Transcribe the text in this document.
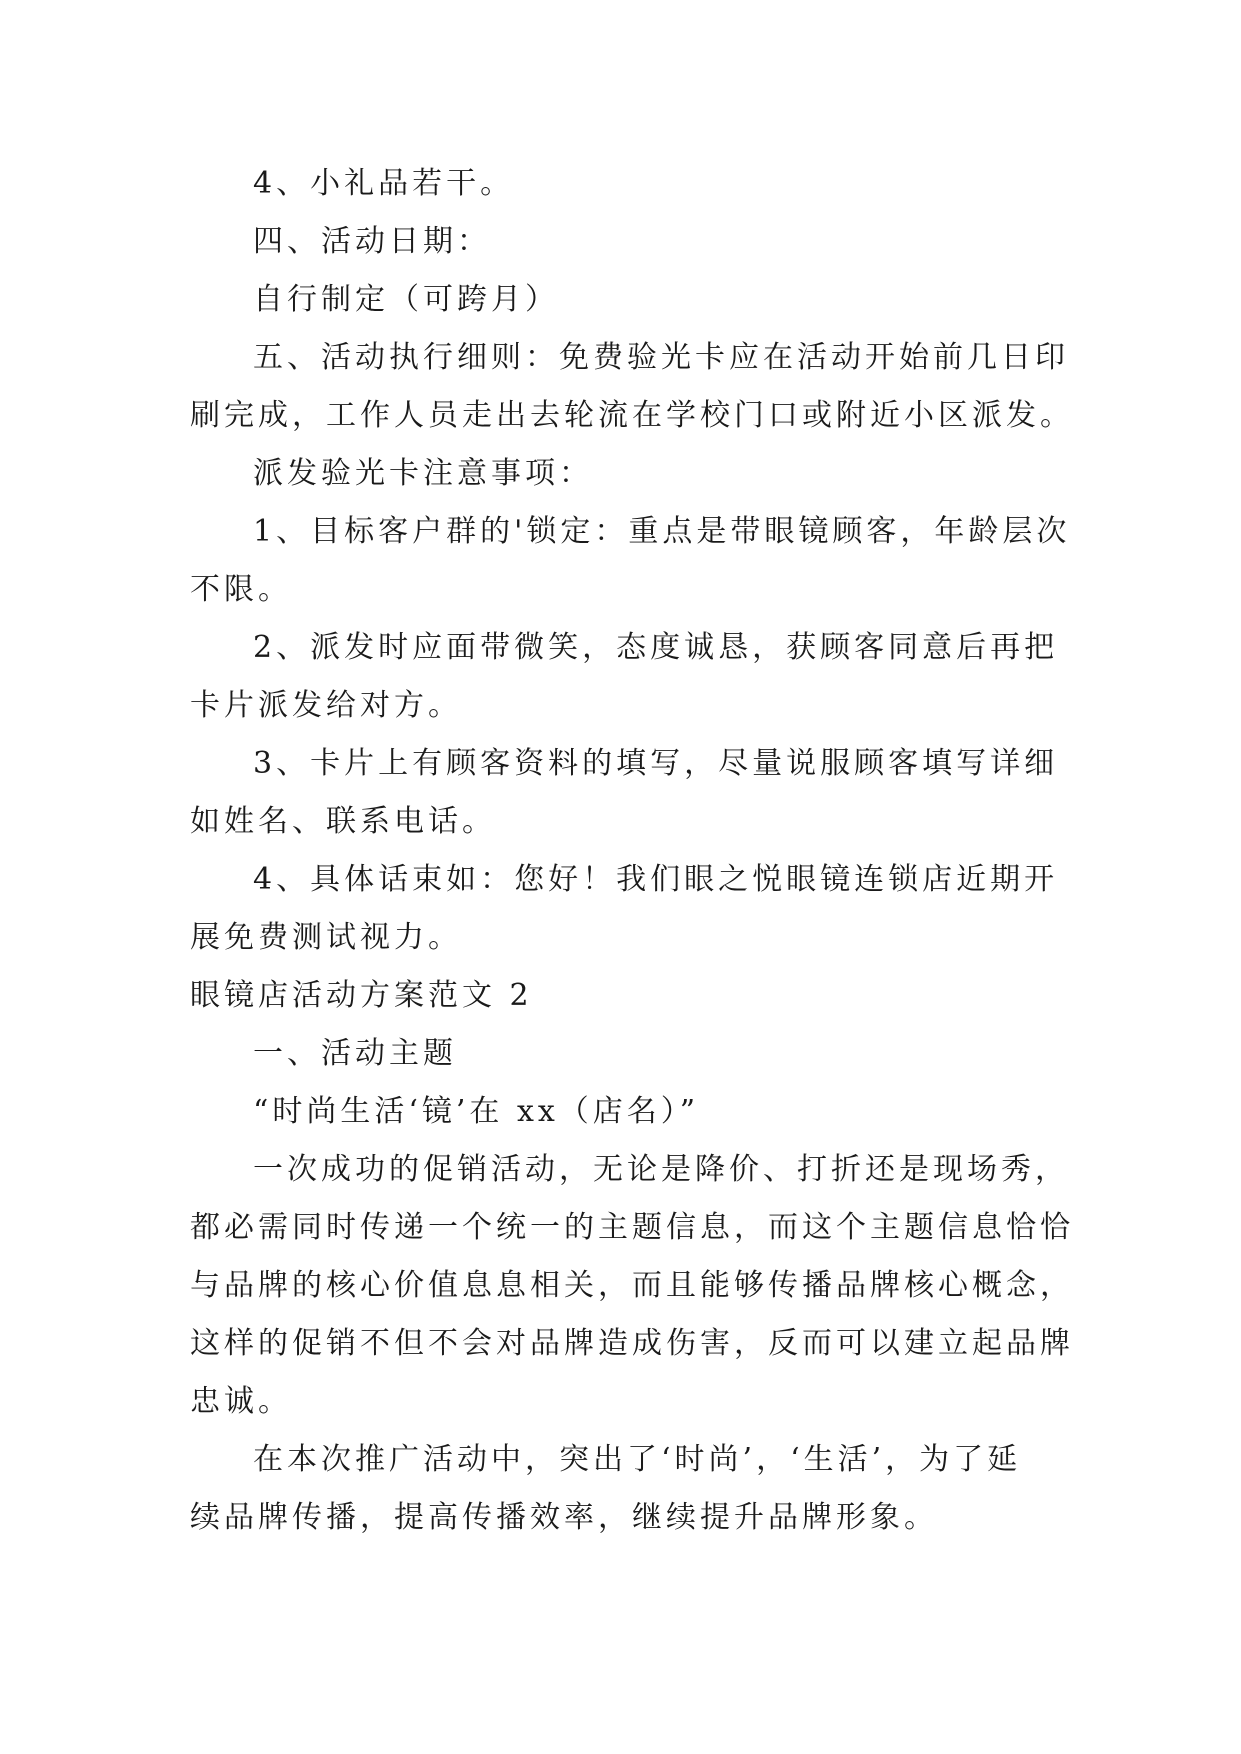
4、小礼品若干。
四、活动日期：
自行制定（可跨月）
五、活动执行细则：免费验光卡应在活动开始前几日印
刷完成，工作人员走出去轮流在学校门口或附近小区派发。
派发验光卡注意事项：
1、目标客户群的'锁定：重点是带眼镜顾客，年龄层次
不限。
2、派发时应面带微笑，态度诚恳，获顾客同意后再把
卡片派发给对方。
3、卡片上有顾客资料的填写，尽量说服顾客填写详细
如姓名、联系电话。
4、具体话束如：您好！我们眼之悦眼镜连锁店近期开
展免费测试视力。
眼镜店活动方案范文 2
一、活动主题
“时尚生活‘镜’在 xx（店名）”
一次成功的促销活动，无论是降价、打折还是现场秀，
都必需同时传递一个统一的主题信息，而这个主题信息恰恰
与品牌的核心价值息息相关，而且能够传播品牌核心概念，
这样的促销不但不会对品牌造成伤害，反而可以建立起品牌
忠诚。
在本次推广活动中，突出了‘时尚’，‘生活’，为了延
续品牌传播，提高传播效率，继续提升品牌形象。
